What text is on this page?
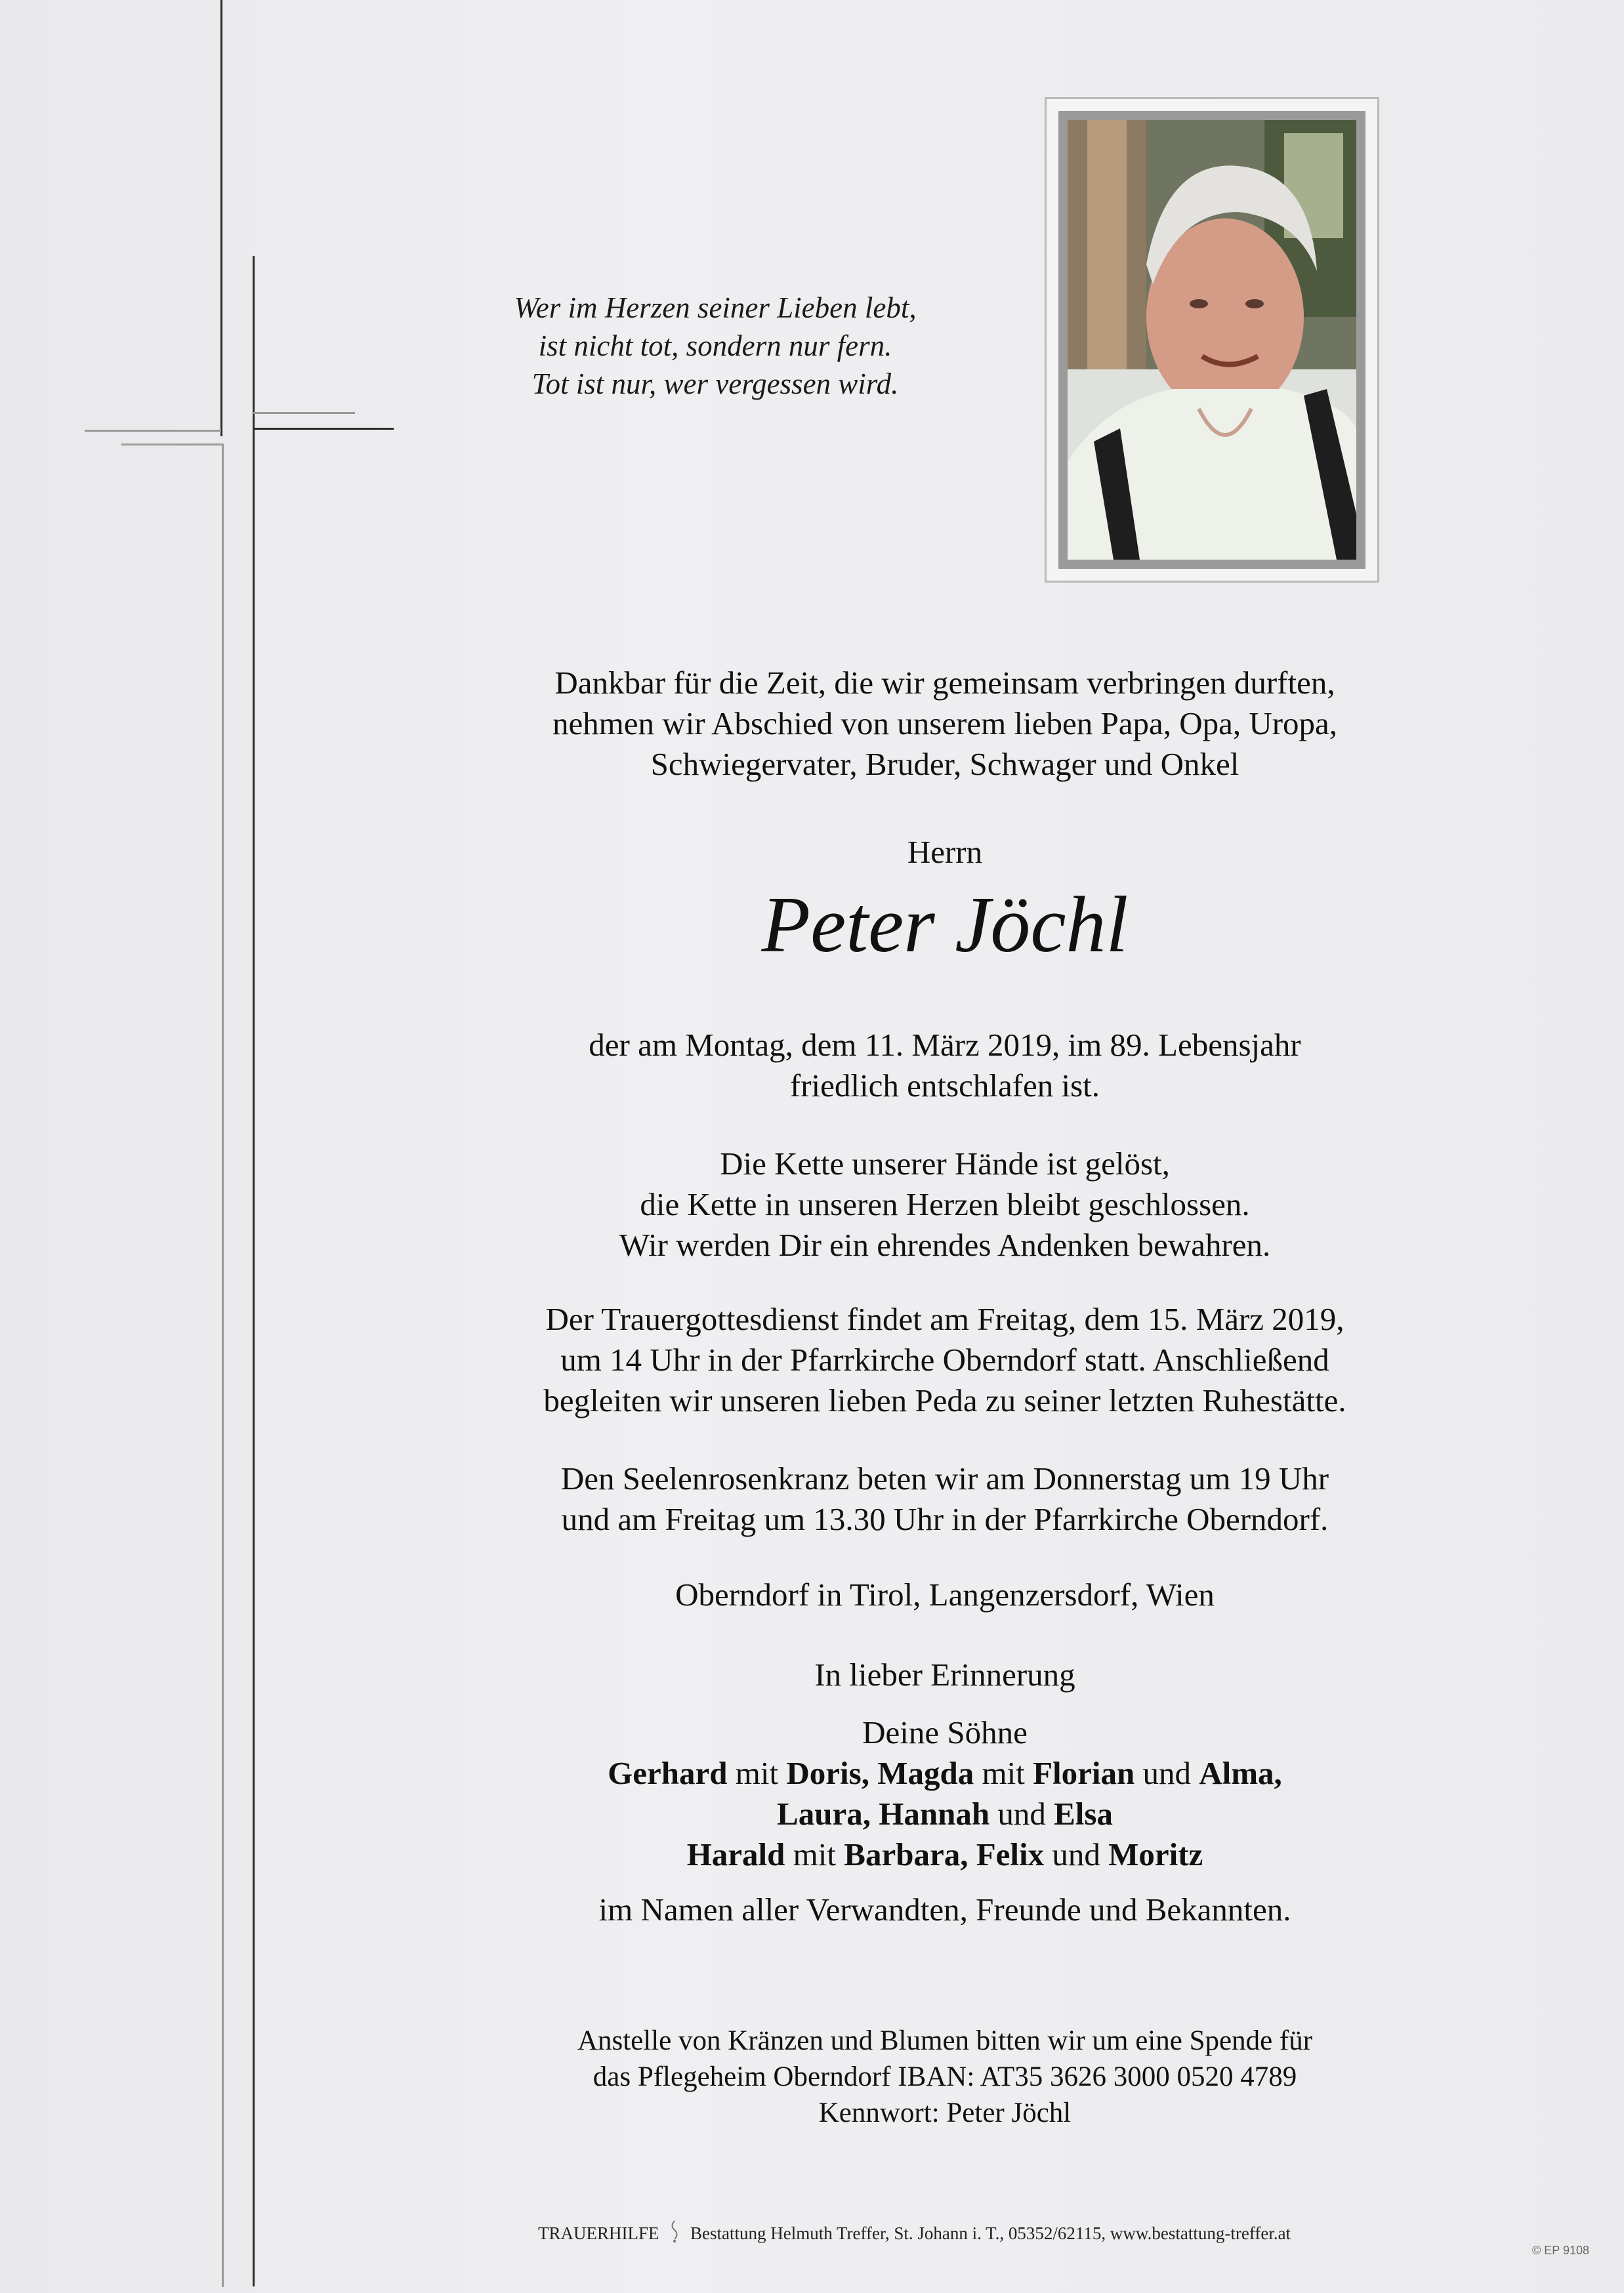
Wer im Herzen seiner Lieben lebt,
ist nicht tot, sondern nur fern.
Tot ist nur, wer vergessen wird.

Dankbar für die Zeit, die wir gemeinsam verbringen durften,

nehmen wir Abschied von unserem lieben Papa, Opa, Uropa,

Schwiegervater, Bruder, Schwager und Onkel

Herrn

Peter Jöchl

der am Montag, dem 11. März 2019, im 89. Lebensjahr

friedlich entschlafen ist.

Die Kette unserer Hände ist gelöst,

die Kette in unseren Herzen bleibt geschlossen.

Wir werden Dir ein ehrendes Andenken bewahren.

Der Trauergottesdienst findet am Freitag, dem 15. März 2019,

um 14 Uhr in der Pfarrkirche Oberndorf statt. Anschließend

begleiten wir unseren lieben Peda zu seiner letzten Ruhestätte.

Den Seelenrosenkranz beten wir am Donnerstag um 19 Uhr

und am Freitag um 13.30 Uhr in der Pfarrkirche Oberndorf.

Oberndorf in Tirol, Langenzersdorf, Wien

In lieber Erinnerung

Deine Söhne

Gerhard mit Doris, Magda mit Florian und Alma,

Laura, Hannah und Elsa

Harald mit Barbara, Felix und Moritz

im Namen aller Verwandten, Freunde und Bekannten.

Anstelle von Kränzen und Blumen bitten wir um eine Spende für

das Pflegeheim Oberndorf IBAN: AT35 3626 3000 0520 4789

Kennwort: Peter Jöchl

TRAUERHILFE Bestattung Helmuth Treffer, St. Johann i. T., 05352/62115, www.bestattung-treffer.at
© EP 9108
